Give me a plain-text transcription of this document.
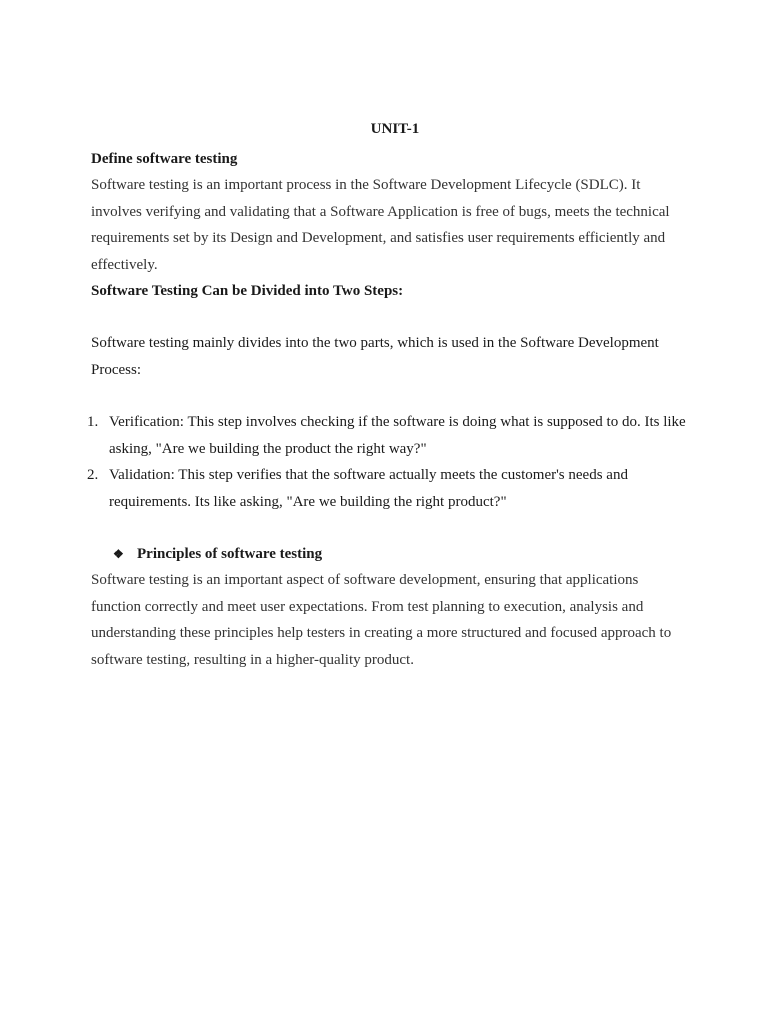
UNIT-1

Define software testing

Software testing is an important process in the Software Development Lifecycle (SDLC). It involves verifying and validating that a Software Application is free of bugs, meets the technical requirements set by its Design and Development, and satisfies user requirements efficiently and effectively.

Software Testing Can be Divided into Two Steps:

Software testing mainly divides into the two parts, which is used in the Software Development Process:

1. Verification: This step involves checking if the software is doing what is supposed to do. Its like asking, "Are we building the product the right way?"
2. Validation: This step verifies that the software actually meets the customer's needs and requirements. Its like asking, "Are we building the right product?"

❖ Principles of software testing

Software testing is an important aspect of software development, ensuring that applications function correctly and meet user expectations. From test planning to execution, analysis and understanding these principles help testers in creating a more structured and focused approach to software testing, resulting in a higher-quality product.
